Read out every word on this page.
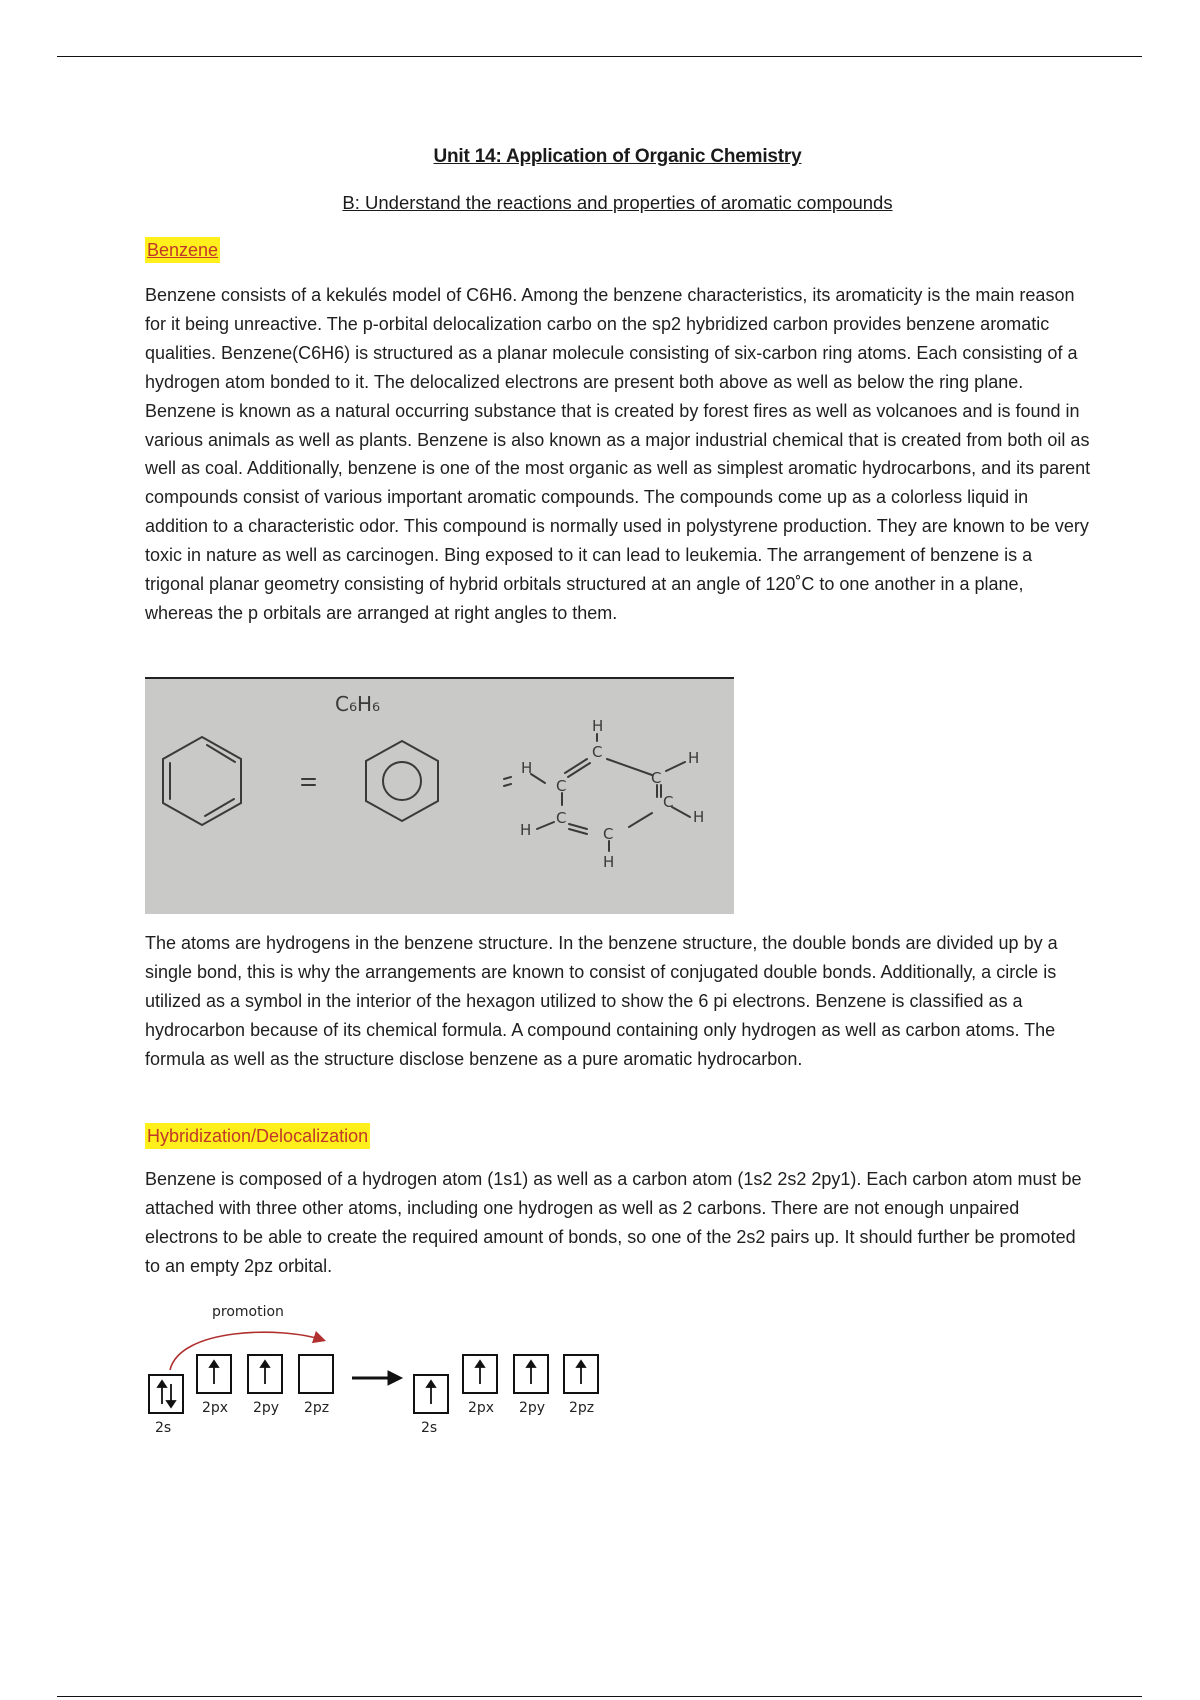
Unit 14: Application of Organic Chemistry
B: Understand the reactions and properties of aromatic compounds
Benzene
Benzene consists of a kekulés model of C6H6. Among the benzene characteristics, its aromaticity is the main reason for it being unreactive. The p-orbital delocalization carbo on the sp2 hybridized carbon provides benzene aromatic qualities. Benzene(C6H6) is structured as a planar molecule consisting of six-carbon ring atoms. Each consisting of a hydrogen atom bonded to it. The delocalized electrons are present both above as well as below the ring plane. Benzene is known as a natural occurring substance that is created by forest fires as well as volcanoes and is found in various animals as well as plants. Benzene is also known as a major industrial chemical that is created from both oil as well as coal. Additionally, benzene is one of the most organic as well as simplest aromatic hydrocarbons, and its parent compounds consist of various important aromatic compounds. The compounds come up as a colorless liquid in addition to a characteristic odor. This compound is normally used in polystyrene production. They are known to be very toxic in nature as well as carcinogen. Bing exposed to it can lead to leukemia. The arrangement of benzene is a trigonal planar geometry consisting of hybrid orbitals structured at an angle of 120˚C to one another in a plane, whereas the p orbitals are arranged at right angles to them.
C₆H₆
H
C
C
H
C
H
C
H
C
H	C
H
The atoms are hydrogens in the benzene structure. In the benzene structure, the double bonds are divided up by a single bond, this is why the arrangements are known to consist of conjugated double bonds. Additionally, a circle is utilized as a symbol in the interior of the hexagon utilized to show the 6 pi electrons. Benzene is classified as a hydrocarbon because of its chemical formula. A compound containing only hydrogen as well as carbon atoms. The formula as well as the structure disclose benzene as a pure aromatic hydrocarbon.
Hybridization/Delocalization
Benzene is composed of a hydrogen atom (1s1) as well as a carbon atom (1s2 2s2 2py1). Each carbon atom must be attached with three other atoms, including one hydrogen as well as 2 carbons. There are not enough unpaired electrons to be able to create the required amount of bonds, so one of the 2s2 pairs up. It should further be promoted to an empty 2pz orbital.
promotion
2s
2px 2py 2pz
2s
2px 2py 2pz
